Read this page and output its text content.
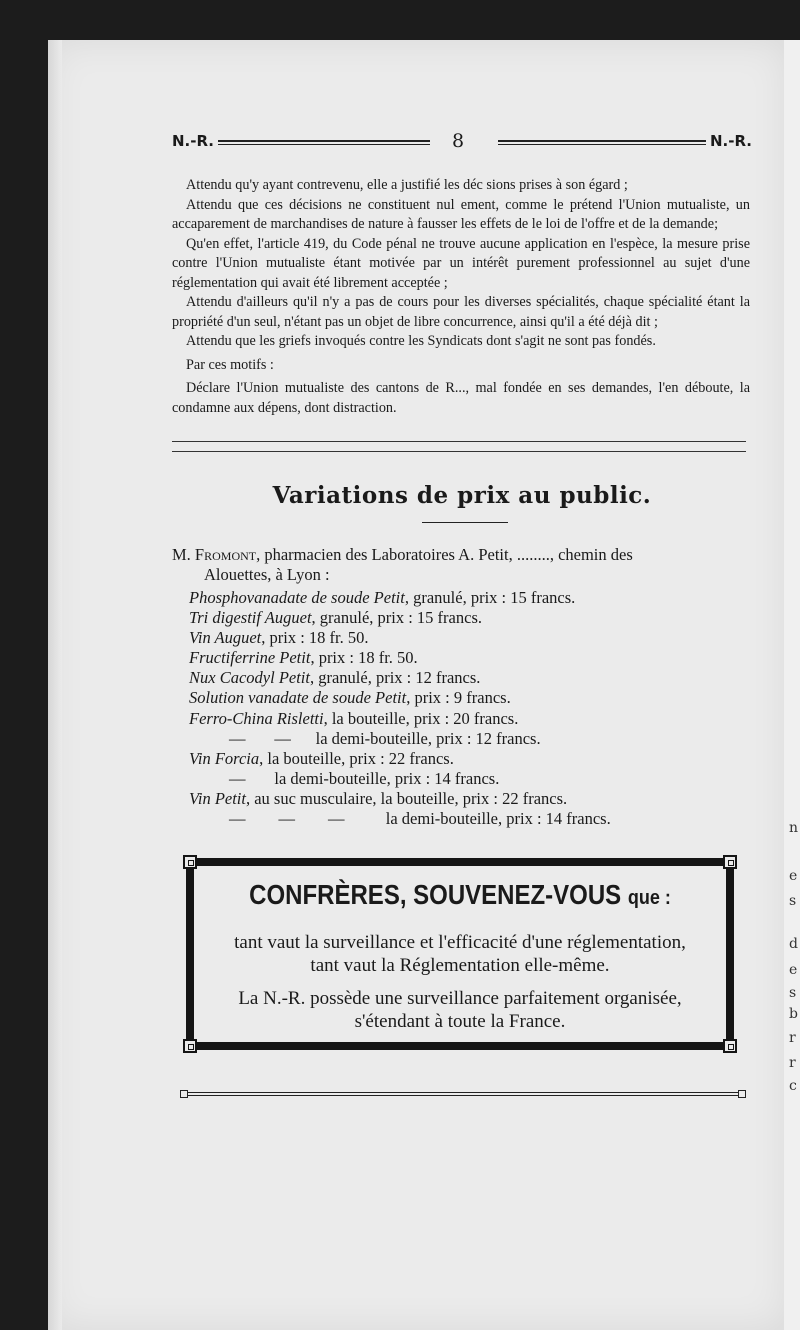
n
e
s
d
e
s
b
r
r
c
N.-R.	8	N.-R.

Attendu qu'y ayant contrevenu, elle a justifié les déc sions prises à son égard ;

Attendu que ces décisions ne constituent nul ement, comme le prétend l'Union mutualiste, un accaparement de marchandises de nature à fausser les effets de le loi de l'offre et de la demande;

Qu'en effet, l'article 419, du Code pénal ne trouve aucune application en l'espèce, la mesure prise contre l'Union mutualiste étant motivée par un intérêt purement professionnel au sujet d'une réglementation qui avait été librement acceptée ;

Attendu d'ailleurs qu'il n'y a pas de cours pour les diverses spécialités, chaque spécialité étant la propriété d'un seul, n'étant pas un objet de libre concurrence, ainsi qu'il a été déjà dit ;

Attendu que les griefs invoqués contre les Syndicats dont s'agit ne sont pas fondés.

Par ces motifs :

Déclare l'Union mutualiste des cantons de R..., mal fondée en ses demandes, l'en déboute, la condamne aux dépens, dont distraction.

Variations de prix au public.
M. Fromont, pharmacien des Laboratoires A. Petit, ........, chemin des
Alouettes, à Lyon :
Phosphovanadate de soude Petit, granulé, prix : 15 francs.
Tri digestif Auguet, granulé, prix : 15 francs.
Vin Auguet, prix : 18 fr. 50.
Fructiferrine Petit, prix : 18 fr. 50.
Nux Cacodyl Petit, granulé, prix : 12 francs.
Solution vanadate de soude Petit, prix : 9 francs.
Ferro-China Risletti, la bouteille, prix : 20 francs.
—       —      la demi-bouteille, prix : 12 francs.
Vin Forcia, la bouteille, prix : 22 francs.
—       la demi-bouteille, prix : 14 francs.
Vin Petit, au suc musculaire, la bouteille, prix : 22 francs.
—        —        —          la demi-bouteille, prix : 14 francs.
CONFRÈRES, SOUVENEZ-VOUS que :
tant vaut la surveillance et l'efficacité d'une réglementation,
tant vaut la Réglementation elle-même.
La N.-R. possède une surveillance parfaitement organisée,
s'étendant à toute la France.
